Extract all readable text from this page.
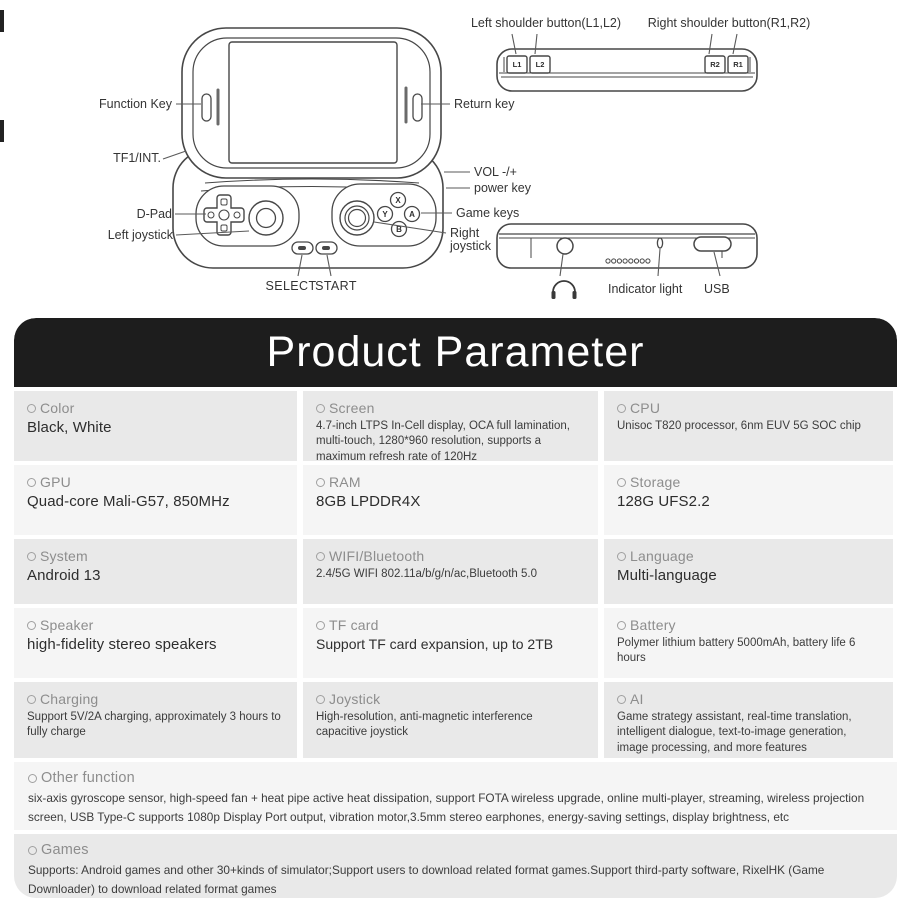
X
Y	A
B
L1 L2	R2 R1
Function Key	Return key
TF1/INT.
D-Pad
Left joystick
SELECT
START
VOL -/+
power key
Game keys
Right
joystick
Left shoulder button(L1,L2) Right shoulder button(R1,R2)
Indicator light USB
Product Parameter
Color
Black, White
Screen
4.7-inch LTPS In-Cell display, OCA full lamination, multi-touch, 1280*960 resolution, supports a maximum refresh rate of 120Hz
CPU
Unisoc T820 processor, 6nm EUV 5G SOC chip
GPU
Quad-core Mali-G57, 850MHz
RAM
8GB LPDDR4X
Storage
128G UFS2.2
System
Android 13
WIFI/Bluetooth
2.4/5G WIFI 802.11a/b/g/n/ac,Bluetooth 5.0
Language
Multi-language
Speaker
high-fidelity stereo speakers
TF card
Support TF card expansion, up to 2TB
Battery
Polymer lithium battery 5000mAh, battery life 6 hours
Charging
Support 5V/2A charging, approximately 3 hours to fully charge
Joystick
High-resolution, anti-magnetic interference capacitive joystick
AI
Game strategy assistant, real-time translation, intelligent dialogue, text-to-image generation, image processing, and more features
Other function
six-axis gyroscope sensor, high-speed fan + heat pipe active heat dissipation, support FOTA wireless upgrade, online multi-player, streaming, wireless projection screen, USB Type-C supports 1080p Display Port output, vibration motor,3.5mm stereo earphones, energy-saving settings, display brightness, etc
Games
Supports: Android games and other 30+kinds of simulator;Support users to download related format games.Support third-party software, RixelHK (Game Downloader) to download related format games
